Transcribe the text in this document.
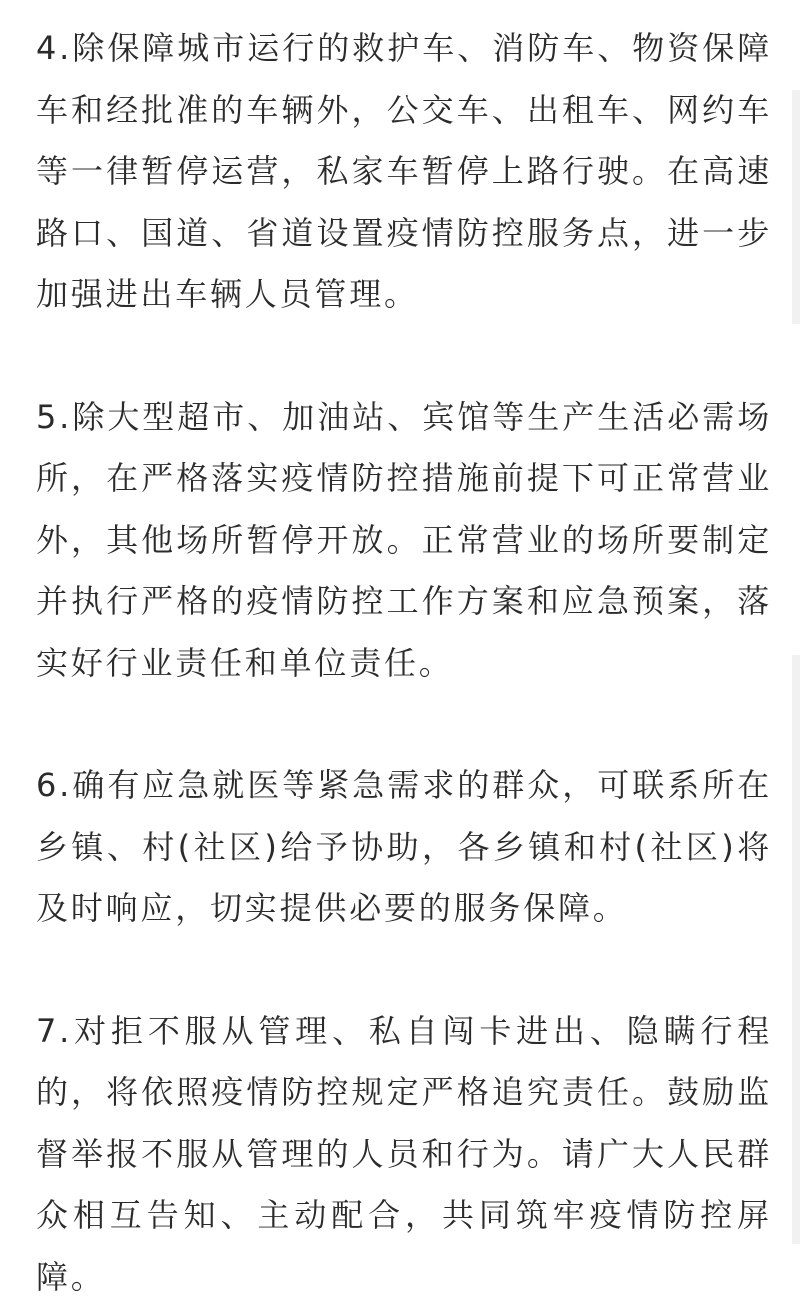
4.除保障城市运行的救护车、消防车、物资保障车和经批准的车辆外，公交车、出租车、网约车等一律暂停运营，私家车暂停上路行驶。在高速路口、国道、省道设置疫情防控服务点，进一步加强进出车辆人员管理。

5.除大型超市、加油站、宾馆等生产生活必需场所，在严格落实疫情防控措施前提下可正常营业外，其他场所暂停开放。正常营业的场所要制定并执行严格的疫情防控工作方案和应急预案，落实好行业责任和单位责任。

6.确有应急就医等紧急需求的群众，可联系所在乡镇、村(社区)给予协助，各乡镇和村(社区)将及时响应，切实提供必要的服务保障。

7.对拒不服从管理、私自闯卡进出、隐瞒行程的，将依照疫情防控规定严格追究责任。鼓励监督举报不服从管理的人员和行为。请广大人民群众相互告知、主动配合，共同筑牢疫情防控屏障。
